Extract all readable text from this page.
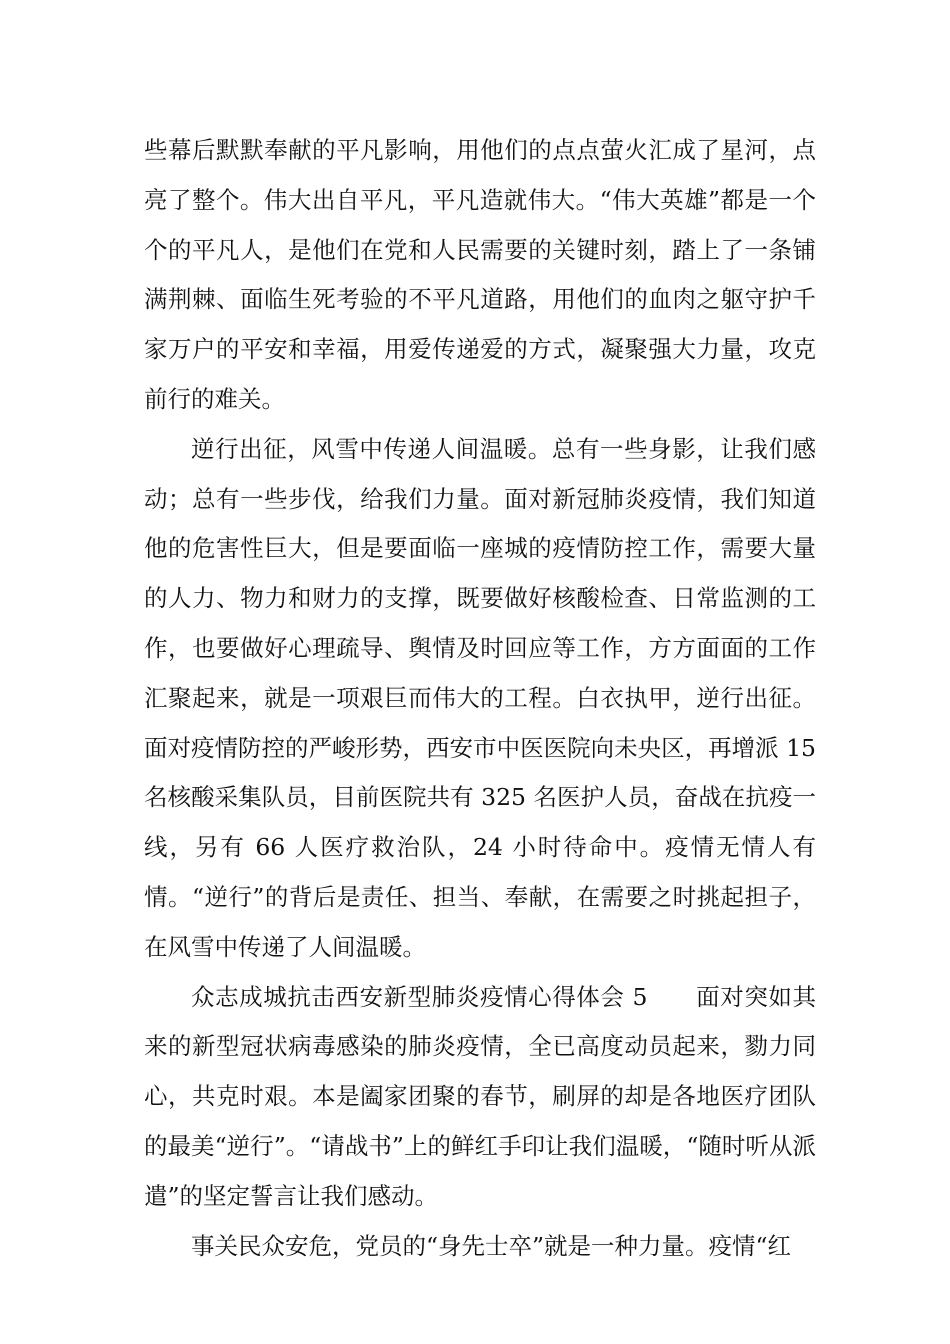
些幕后默默奉献的平凡影响，用他们的点点萤火汇成了星河，点亮了整个。伟大出自平凡，平凡造就伟大。“伟大英雄”都是一个个的平凡人，是他们在党和人民需要的关键时刻，踏上了一条铺满荆棘、面临生死考验的不平凡道路，用他们的血肉之躯守护千家万户的平安和幸福，用爱传递爱的方式，凝聚强大力量，攻克前行的难关。

逆行出征，风雪中传递人间温暖。总有一些身影，让我们感动；总有一些步伐，给我们力量。面对新冠肺炎疫情，我们知道他的危害性巨大，但是要面临一座城的疫情防控工作，需要大量的人力、物力和财力的支撑，既要做好核酸检查、日常监测的工作，也要做好心理疏导、舆情及时回应等工作，方方面面的工作汇聚起来，就是一项艰巨而伟大的工程。白衣执甲，逆行出征。面对疫情防控的严峻形势，西安市中医医院向未央区，再增派 15 名核酸采集队员，目前医院共有 325 名医护人员，奋战在抗疫一线，另有 66 人医疗救治队，24 小时待命中。疫情无情人有情。“逆行”的背后是责任、担当、奉献，在需要之时挑起担子，在风雪中传递了人间温暖。

众志成城抗击西安新型肺炎疫情心得体会 5　　面对突如其来的新型冠状病毒感染的肺炎疫情，全已高度动员起来，勠力同心，共克时艰。本是阖家团聚的春节，刷屏的却是各地医疗团队的最美“逆行”。“请战书”上的鲜红手印让我们温暖，“随时听从派遣”的坚定誓言让我们感动。

事关民众安危，党员的“身先士卒”就是一种力量。疫情“红
